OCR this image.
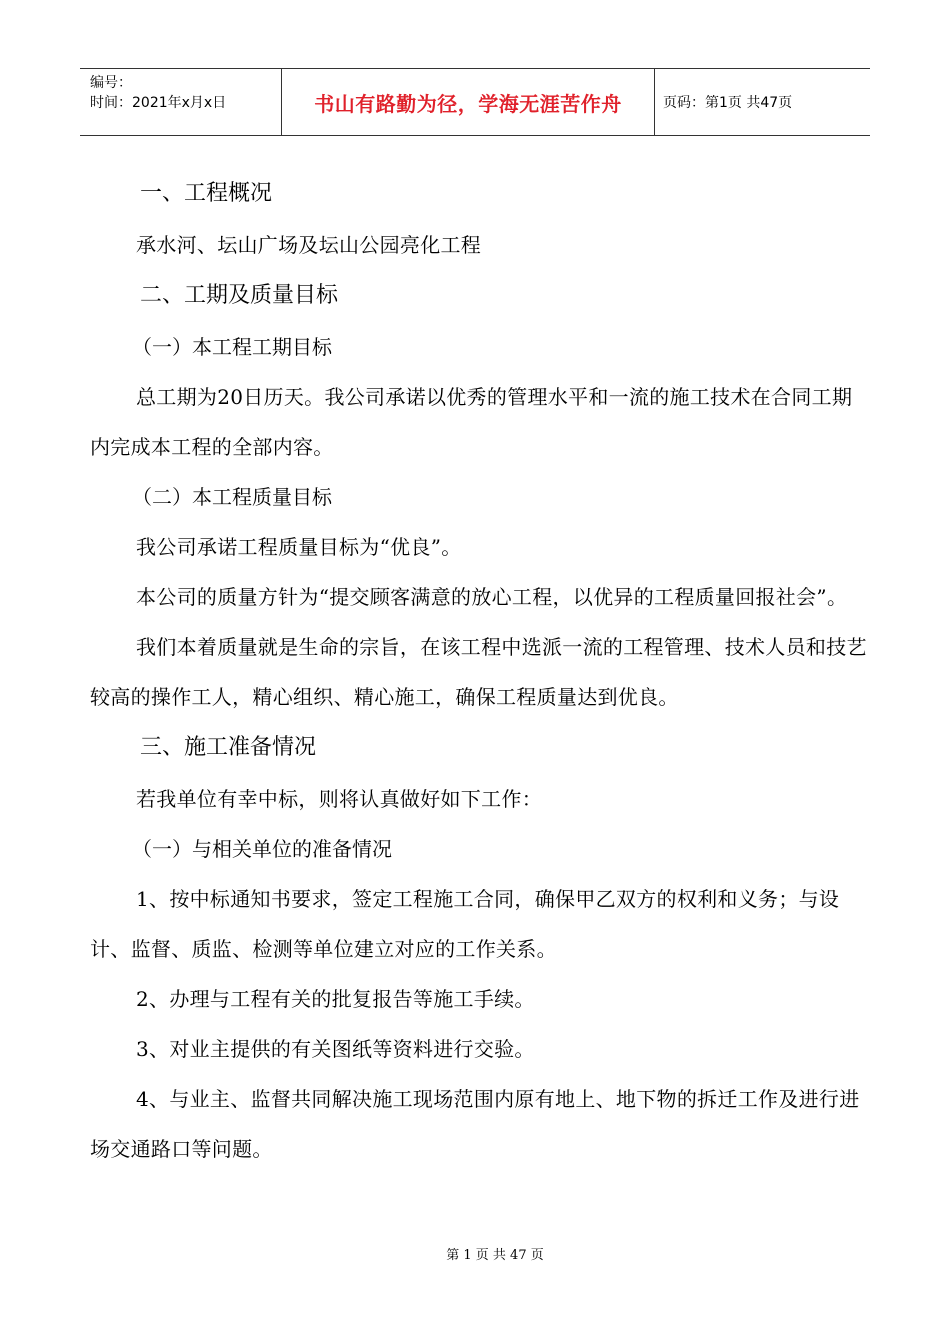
编号：
时间：2021年x月x日	书山有路勤为径，学海无涯苦作舟	页码：第1页 共47页

一、工程概况

承水河、坛山广场及坛山公园亮化工程

二、工期及质量目标

（一）本工程工期目标

总工期为20日历天。我公司承诺以优秀的管理水平和一流的施工技术在合同工期内完成本工程的全部内容。

（二）本工程质量目标

我公司承诺工程质量目标为“优良”。

本公司的质量方针为“提交顾客满意的放心工程，以优异的工程质量回报社会”。

我们本着质量就是生命的宗旨，在该工程中选派一流的工程管理、技术人员和技艺较高的操作工人，精心组织、精心施工，确保工程质量达到优良。

三、施工准备情况

若我单位有幸中标，则将认真做好如下工作：

（一）与相关单位的准备情况

1、按中标通知书要求，签定工程施工合同，确保甲乙双方的权利和义务；与设计、监督、质监、检测等单位建立对应的工作关系。

2、办理与工程有关的批复报告等施工手续。

3、对业主提供的有关图纸等资料进行交验。

4、与业主、监督共同解决施工现场范围内原有地上、地下物的拆迁工作及进行进场交通路口等问题。

第 1 页 共 47 页
